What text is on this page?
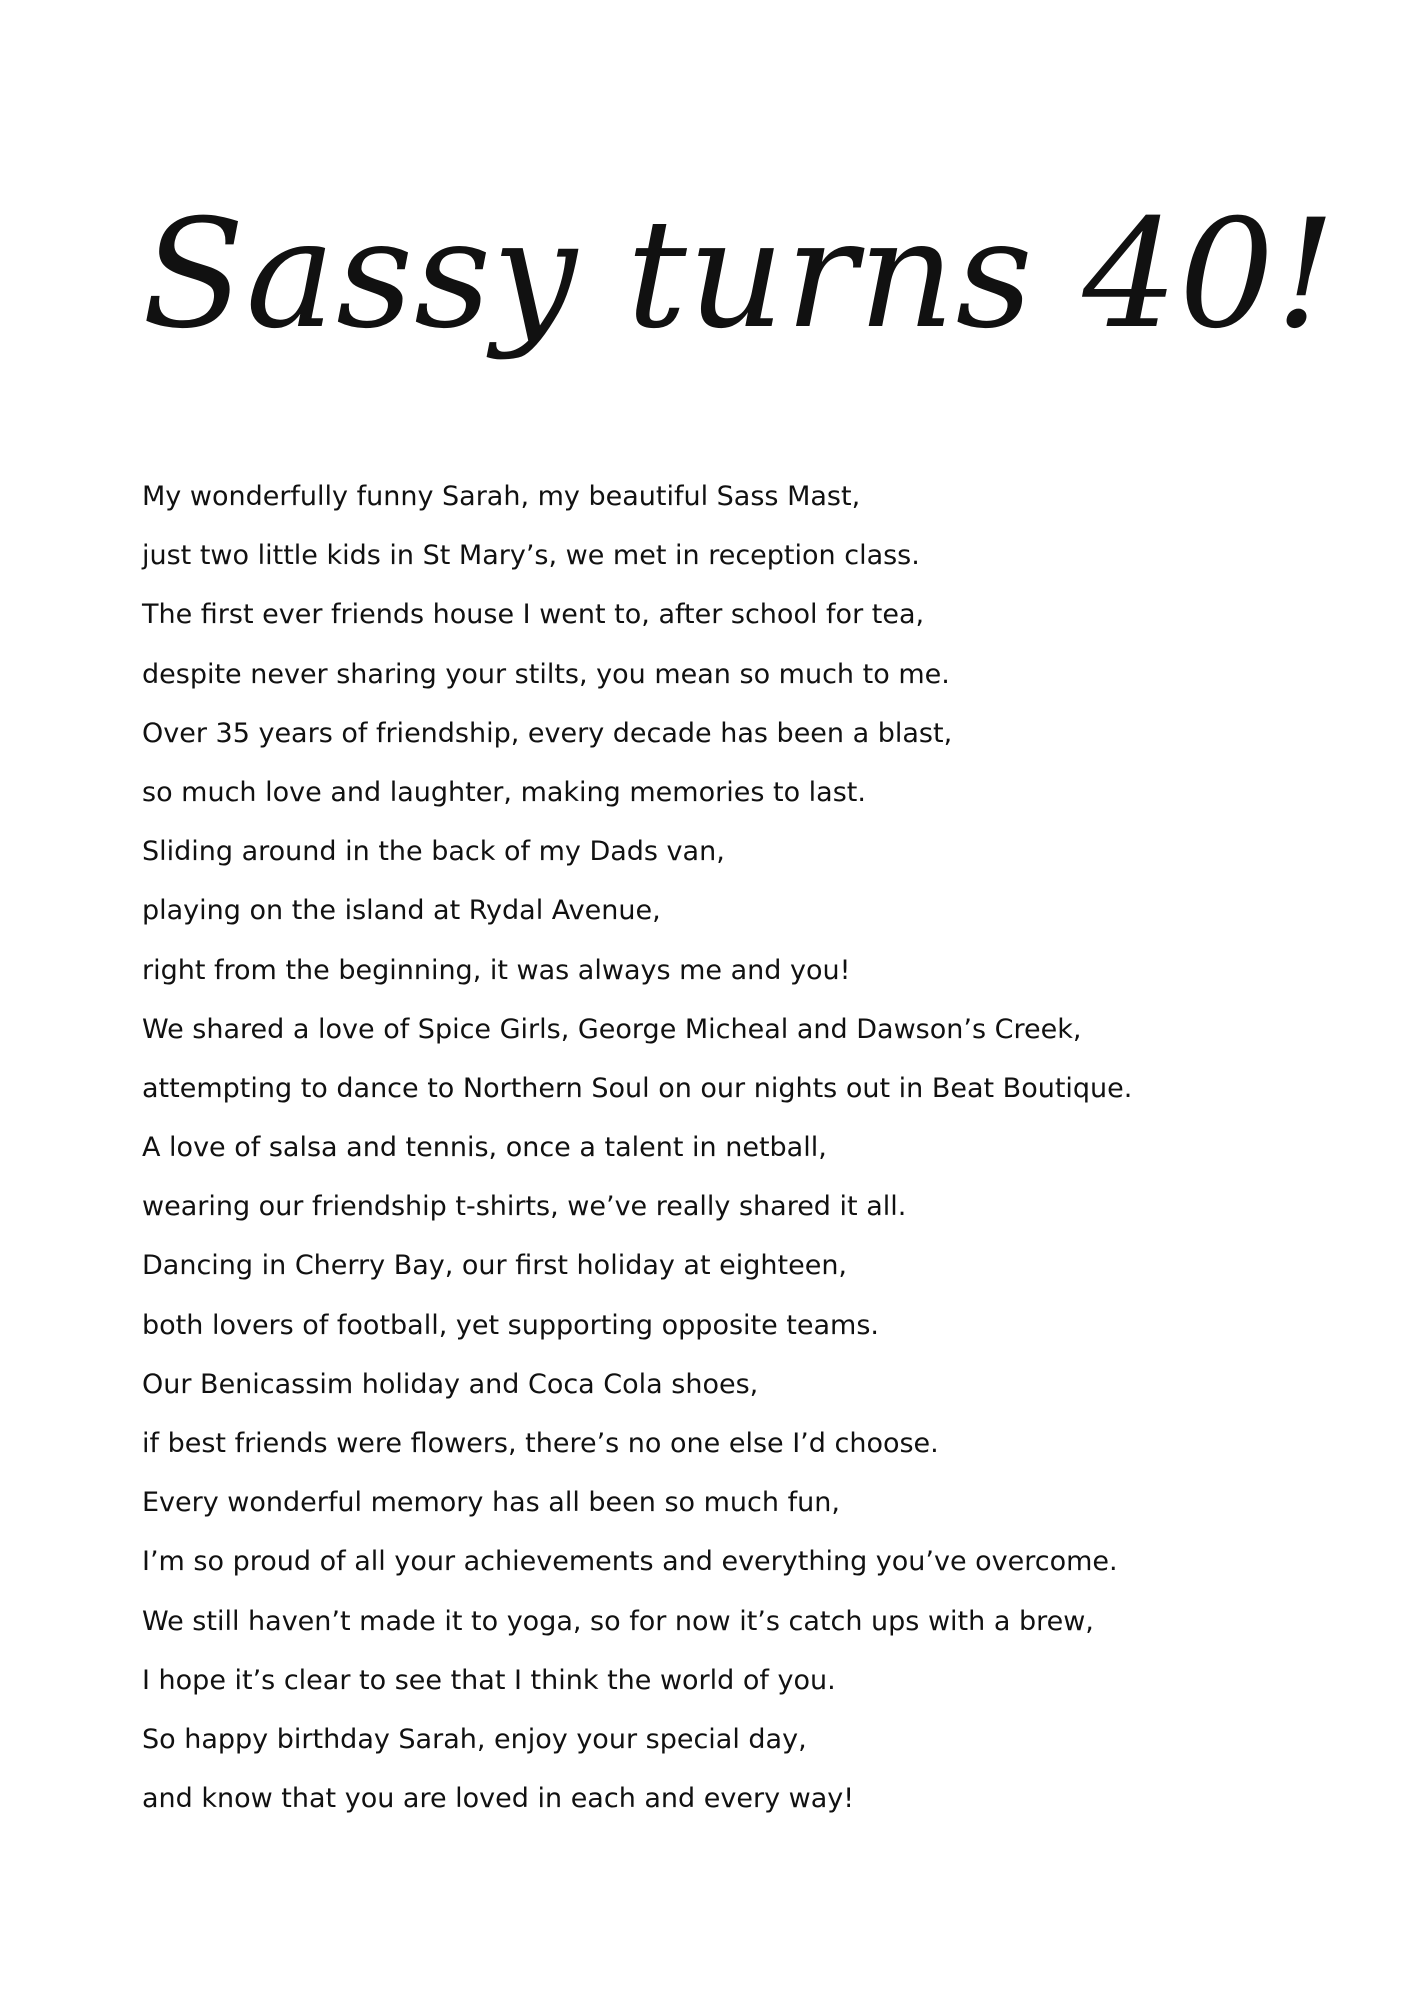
Sassy turns 40!
My wonderfully funny Sarah, my beautiful Sass Mast,
just two little kids in St Mary’s, we met in reception class.
The first ever friends house I went to, after school for tea,
despite never sharing your stilts, you mean so much to me.
Over 35 years of friendship, every decade has been a blast,
so much love and laughter, making memories to last.
Sliding around in the back of my Dads van,
playing on the island at Rydal Avenue,
right from the beginning, it was always me and you!
We shared a love of Spice Girls, George Micheal and Dawson’s Creek,
attempting to dance to Northern Soul on our nights out in Beat Boutique.
A love of salsa and tennis, once a talent in netball,
wearing our friendship t-shirts, we’ve really shared it all.
Dancing in Cherry Bay, our first holiday at eighteen,
both lovers of football, yet supporting opposite teams.
Our Benicassim holiday and Coca Cola shoes,
if best friends were flowers, there’s no one else I’d choose.
Every wonderful memory has all been so much fun,
I’m so proud of all your achievements and everything you’ve overcome.
We still haven’t made it to yoga, so for now it’s catch ups with a brew,
I hope it’s clear to see that I think the world of you.
So happy birthday Sarah, enjoy your special day,
and know that you are loved in each and every way!
